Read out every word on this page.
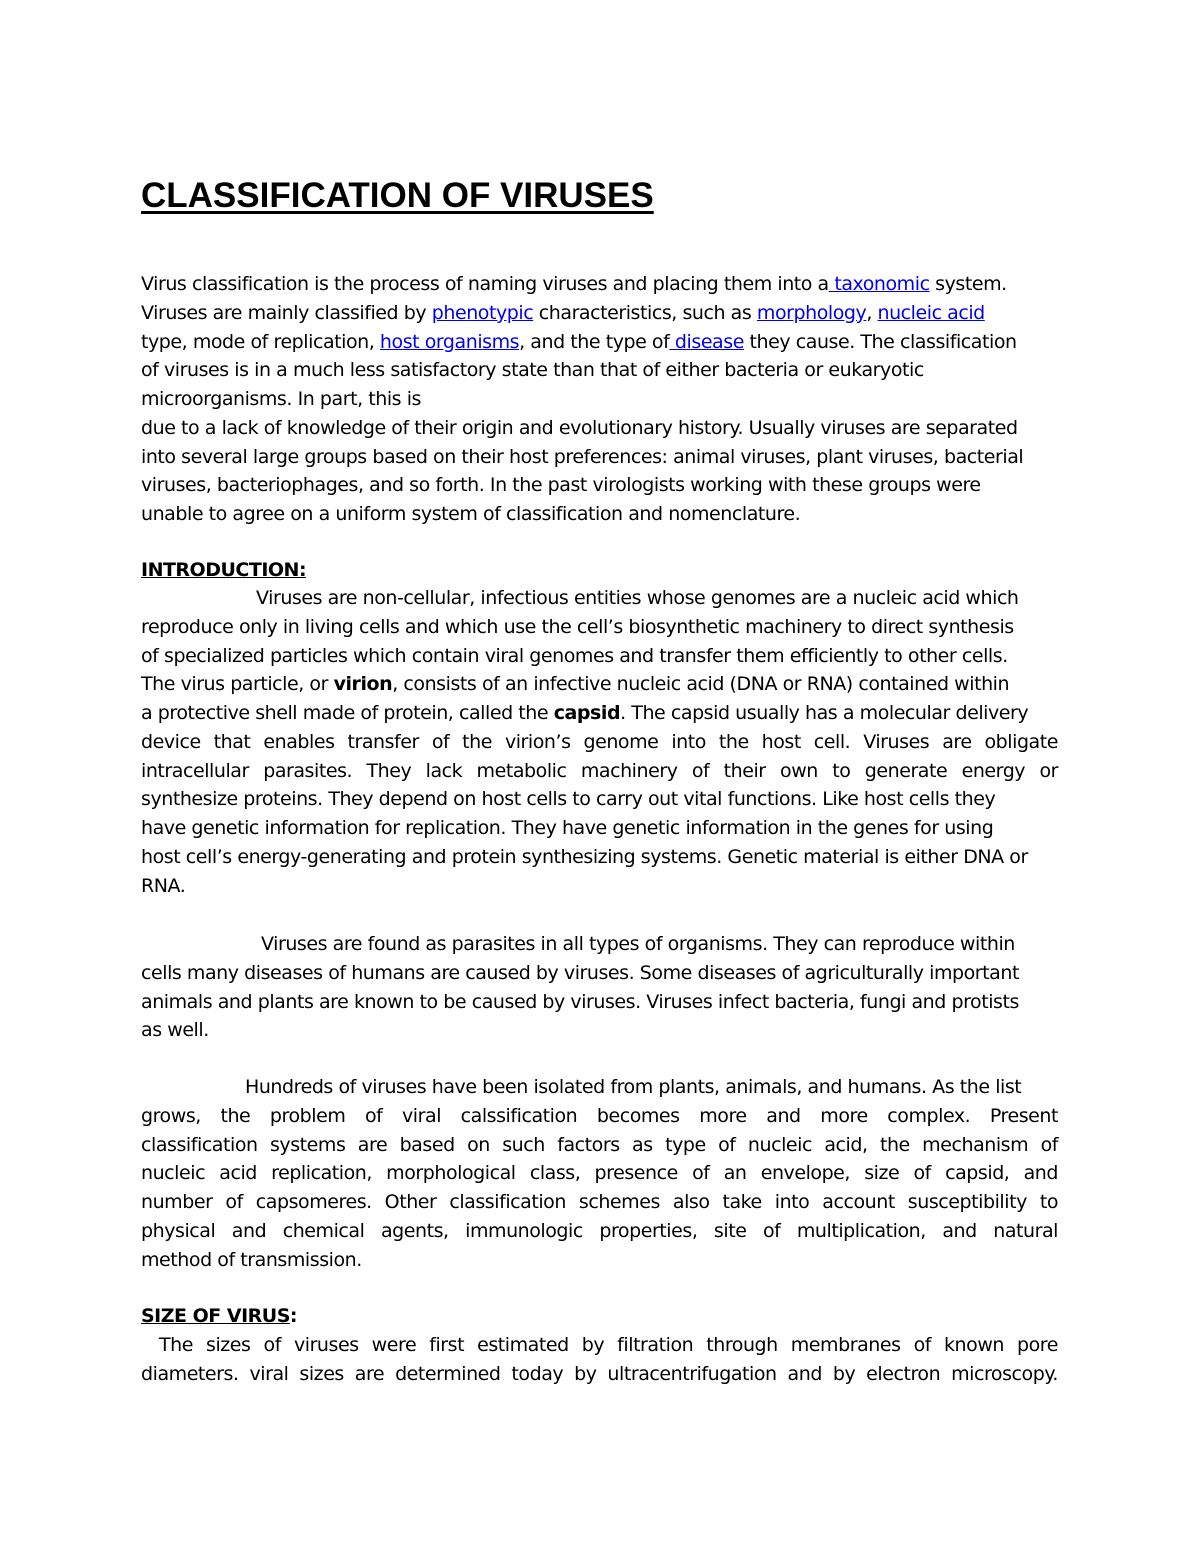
CLASSIFICATION OF VIRUSES
Virus classification is the process of naming viruses and placing them into a taxonomic system.
Viruses are mainly classified by phenotypic characteristics, such as morphology, nucleic acid
type, mode of replication, host organisms, and the type of disease they cause. The classification
of viruses is in a much less satisfactory state than that of either bacteria or eukaryotic
microorganisms. In part, this is
due to a lack of knowledge of their origin and evolutionary history. Usually viruses are separated
into several large groups based on their host preferences: animal viruses, plant viruses, bacterial
viruses, bacteriophages, and so forth. In the past virologists working with these groups were
unable to agree on a uniform system of classification and nomenclature.
INTRODUCTION:
Viruses are non-cellular, infectious entities whose genomes are a nucleic acid which
reproduce only in living cells and which use the cell’s biosynthetic machinery to direct synthesis
of specialized particles which contain viral genomes and transfer them efficiently to other cells.
The virus particle, or virion, consists of an infective nucleic acid (DNA or RNA) contained within
a protective shell made of protein, called the capsid. The capsid usually has a molecular delivery
device that enables transfer of the virion’s genome into the host cell. Viruses are obligate
intracellular parasites. They lack metabolic machinery of their own to generate energy or
synthesize proteins. They depend on host cells to carry out vital functions. Like host cells they
have genetic information for replication. They have genetic information in the genes for using
host cell’s energy-generating and protein synthesizing systems. Genetic material is either DNA or
RNA.
Viruses are found as parasites in all types of organisms. They can reproduce within
cells many diseases of humans are caused by viruses. Some diseases of agriculturally important
animals and plants are known to be caused by viruses. Viruses infect bacteria, fungi and protists
as well.
Hundreds of viruses have been isolated from plants, animals, and humans. As the list
grows, the problem of viral calssification becomes more and more complex. Present
classification systems are based on such factors as type of nucleic acid, the mechanism of
nucleic acid replication, morphological class, presence of an envelope, size of capsid, and
number of capsomeres. Other classification schemes also take into account susceptibility to
physical and chemical agents, immunologic properties, site of multiplication, and natural
method of transmission.
SIZE OF VIRUS:
The sizes of viruses were first estimated by filtration through membranes of known pore
diameters. viral sizes are determined today by ultracentrifugation and by electron microscopy.
